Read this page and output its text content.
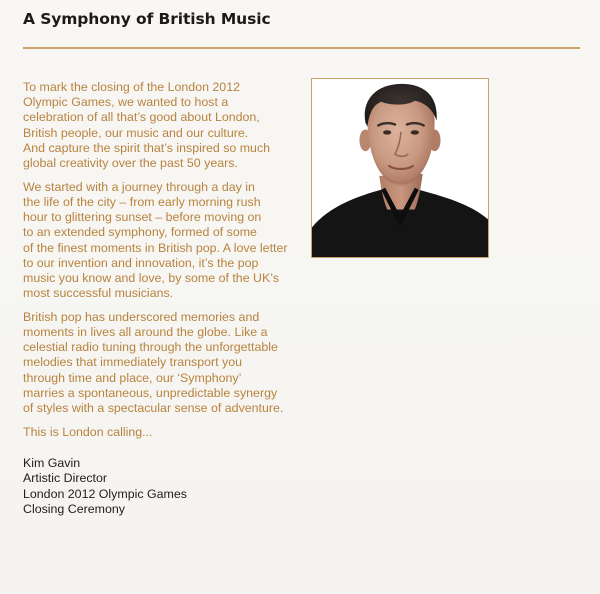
A Symphony of British Music

To mark the closing of the London 2012
Olympic Games, we wanted to host a
celebration of all that’s good about London,
British people, our music and our culture.
And capture the spirit that’s inspired so much
global creativity over the past 50 years.

We started with a journey through a day in
the life of the city – from early morning rush
hour to glittering sunset – before moving on
to an extended symphony, formed of some
of the finest moments in British pop. A love letter
to our invention and innovation, it’s the pop
music you know and love, by some of the UK’s
most successful musicians.

British pop has underscored memories and
moments in lives all around the globe. Like a
celestial radio tuning through the unforgettable
melodies that immediately transport you
through time and place, our ‘Symphony’
marries a spontaneous, unpredictable synergy
of styles with a spectacular sense of adventure.

This is London calling...

Kim Gavin
Artistic Director
London 2012 Olympic Games
Closing Ceremony
